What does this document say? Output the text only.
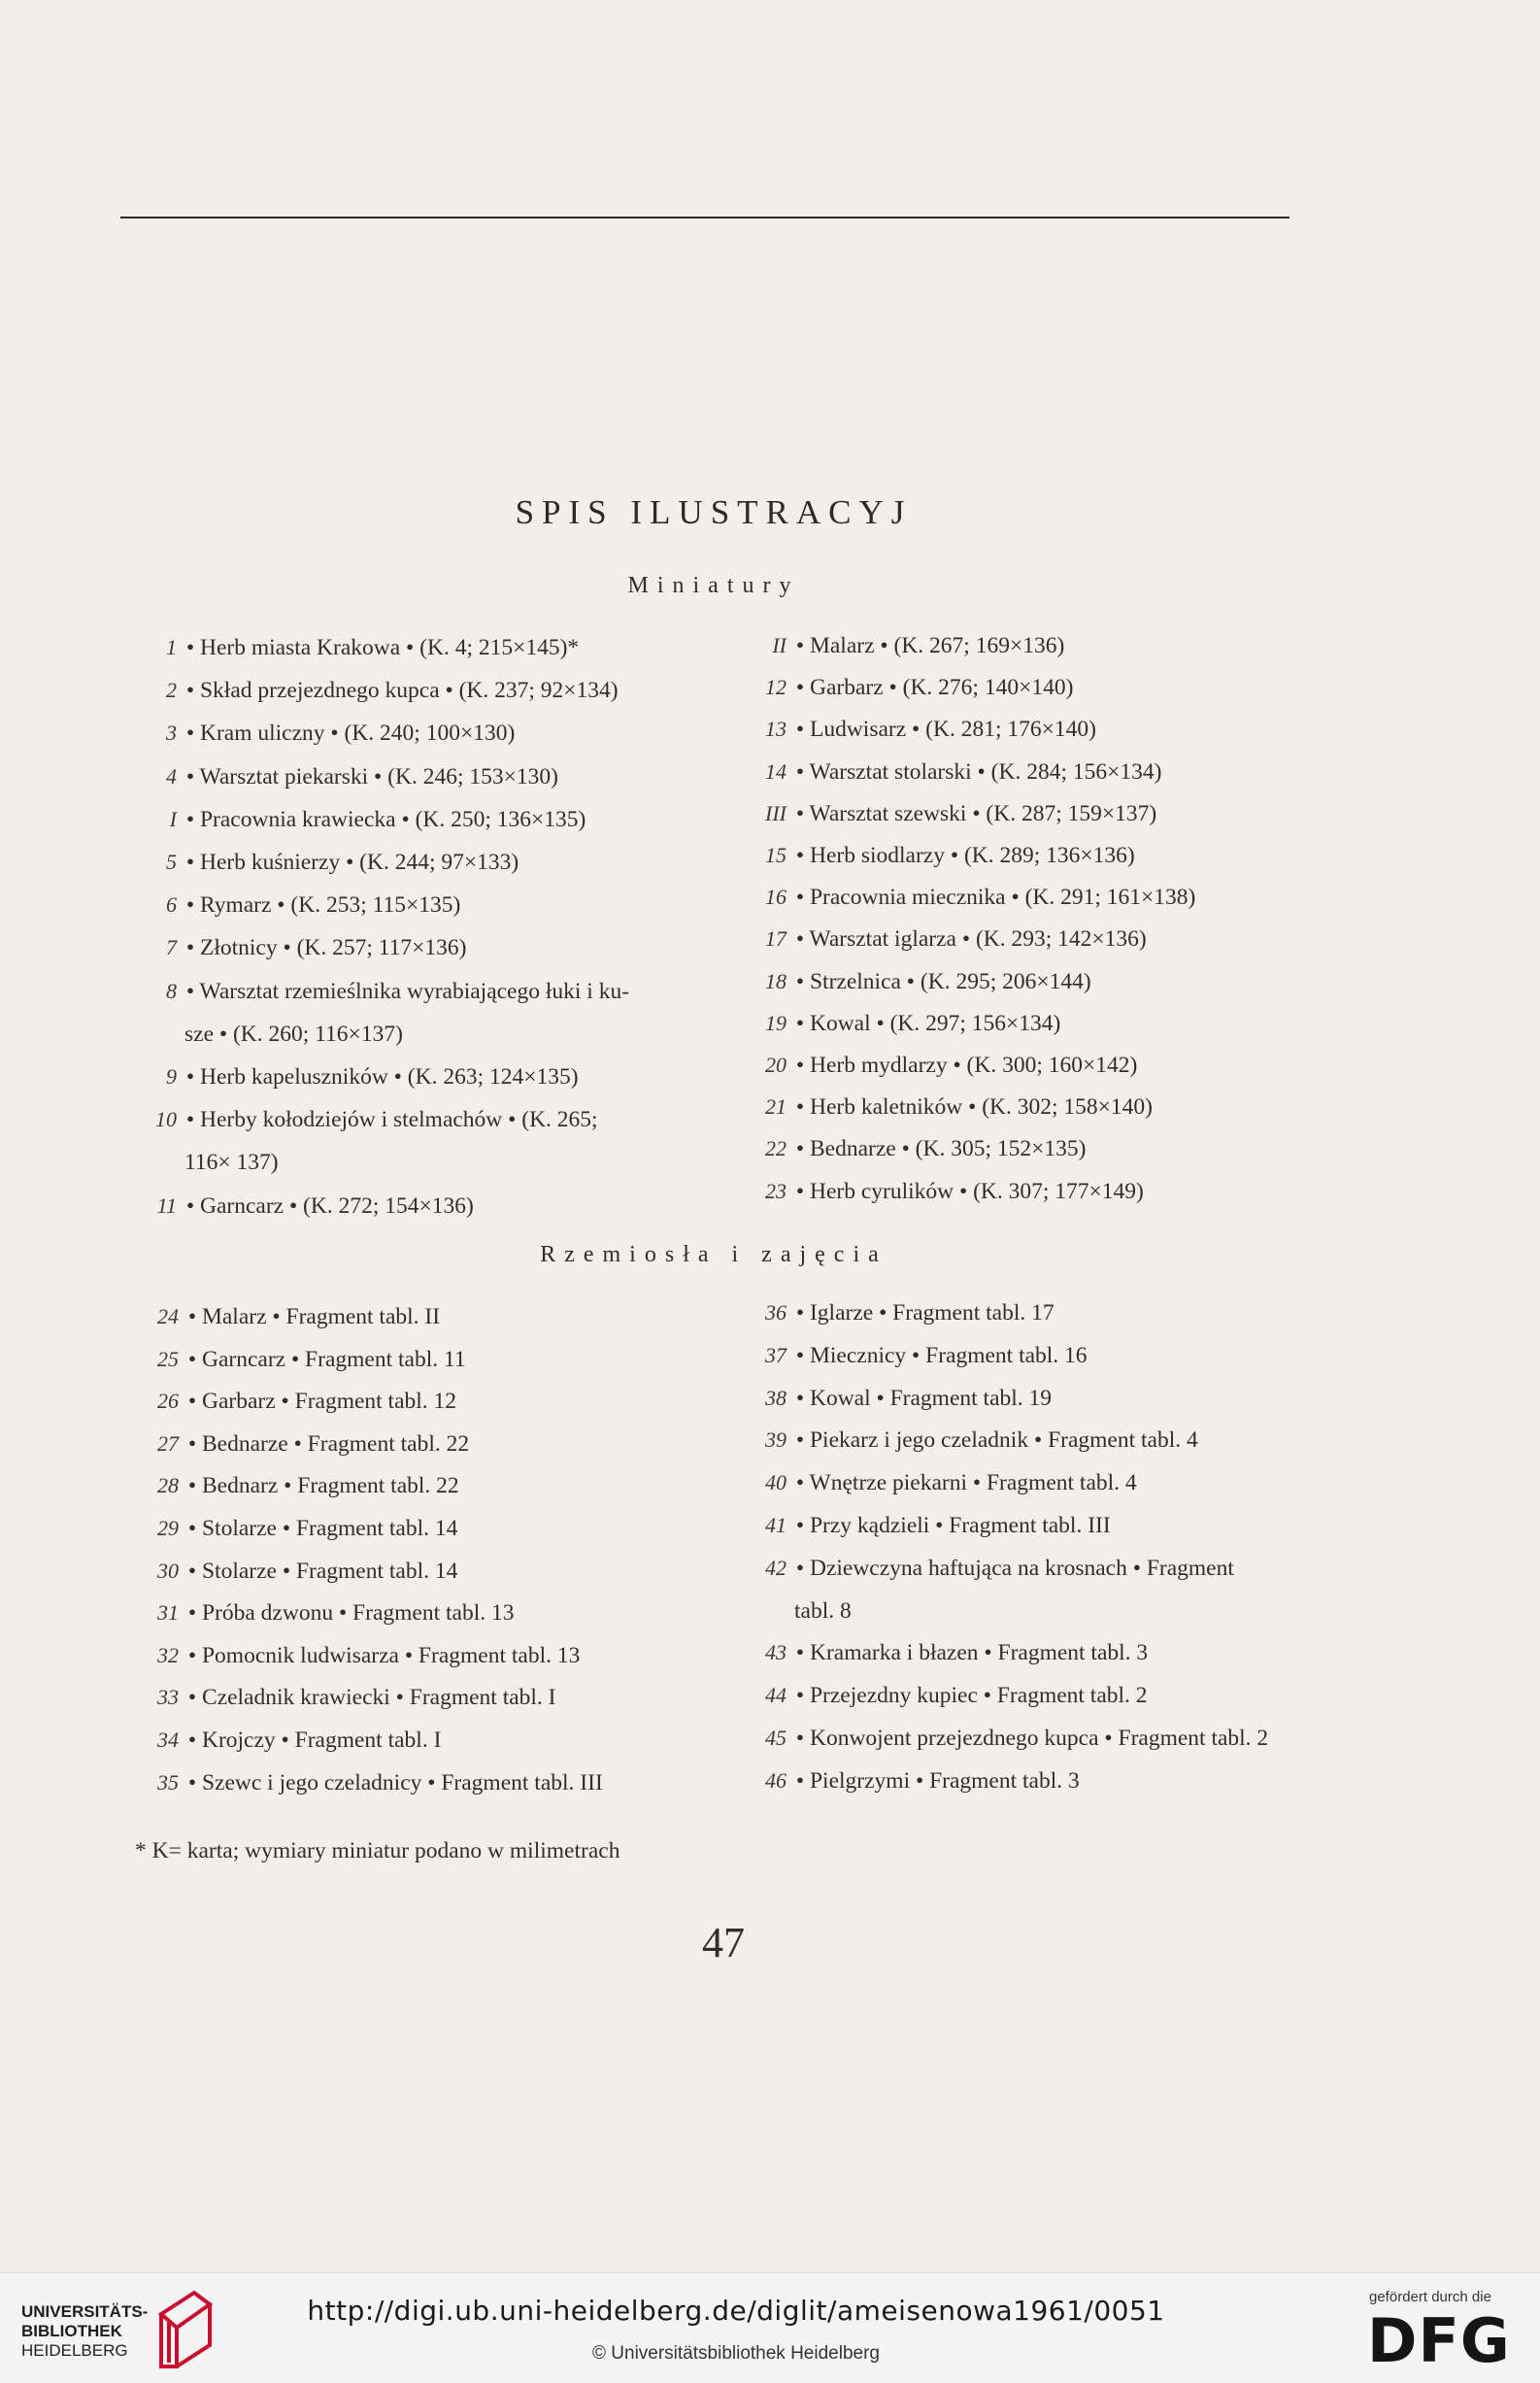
SPIS ILUSTRACYJ
Miniatury
1 • Herb miasta Krakowa • (K. 4; 215×145)*
2 • Skład przejezdnego kupca • (K. 237; 92×134)
3 • Kram uliczny • (K. 240; 100×130)
4 • Warsztat piekarski • (K. 246; 153×130)
I • Pracownia krawiecka • (K. 250; 136×135)
5 • Herb kuśnierzy • (K. 244; 97×133)
6 • Rymarz • (K. 253; 115×135)
7 • Złotnicy • (K. 257; 117×136)
8 • Warsztat rzemieślnika wyrabiającego łuki i ku-
sze • (K. 260; 116×137)
9 • Herb kapeluszników • (K. 263; 124×135)
10 • Herby kołodziejów i stelmachów • (K. 265;
116× 137)
11 • Garncarz • (K. 272; 154×136)
II • Malarz • (K. 267; 169×136)
12 • Garbarz • (K. 276; 140×140)
13 • Ludwisarz • (K. 281; 176×140)
14 • Warsztat stolarski • (K. 284; 156×134)
III • Warsztat szewski • (K. 287; 159×137)
15 • Herb siodlarzy • (K. 289; 136×136)
16 • Pracownia miecznika • (K. 291; 161×138)
17 • Warsztat iglarza • (K. 293; 142×136)
18 • Strzelnica • (K. 295; 206×144)
19 • Kowal • (K. 297; 156×134)
20 • Herb mydlarzy • (K. 300; 160×142)
21 • Herb kaletników • (K. 302; 158×140)
22 • Bednarze • (K. 305; 152×135)
23 • Herb cyrulików • (K. 307; 177×149)
Rzemiosła i zajęcia
24 • Malarz • Fragment tabl. II
25 • Garncarz • Fragment tabl. 11
26 • Garbarz • Fragment tabl. 12
27 • Bednarze • Fragment tabl. 22
28 • Bednarz • Fragment tabl. 22
29 • Stolarze • Fragment tabl. 14
30 • Stolarze • Fragment tabl. 14
31 • Próba dzwonu • Fragment tabl. 13
32 • Pomocnik ludwisarza • Fragment tabl. 13
33 • Czeladnik krawiecki • Fragment tabl. I
34 • Krojczy • Fragment tabl. I
35 • Szewc i jego czeladnicy • Fragment tabl. III
36 • Iglarze • Fragment tabl. 17
37 • Miecznicy • Fragment tabl. 16
38 • Kowal • Fragment tabl. 19
39 • Piekarz i jego czeladnik • Fragment tabl. 4
40 • Wnętrze piekarni • Fragment tabl. 4
41 • Przy kądzieli • Fragment tabl. III
42 • Dziewczyna haftująca na krosnach • Fragment
tabl. 8
43 • Kramarka i błazen • Fragment tabl. 3
44 • Przejezdny kupiec • Fragment tabl. 2
45 • Konwojent przejezdnego kupca • Fragment tabl. 2
46 • Pielgrzymi • Fragment tabl. 3
* K= karta; wymiary miniatur podano w milimetrach
47
UNIVERSITÄTS-
BIBLIOTHEK
HEIDELBERG
http://digi.ub.uni-heidelberg.de/diglit/ameisenowa1961/0051
© Universitätsbibliothek Heidelberg
gefördert durch die
DFG
